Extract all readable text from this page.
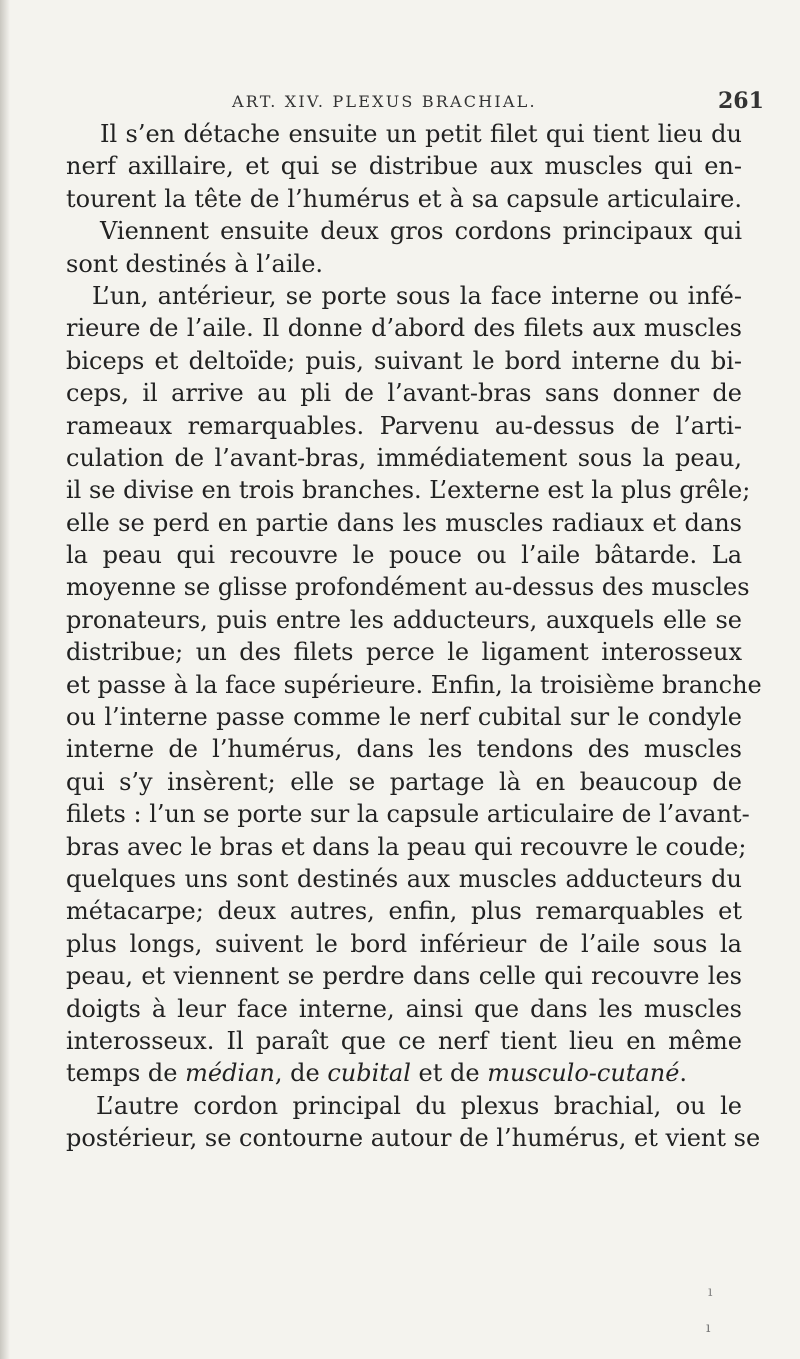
ART. XIV. PLEXUS BRACHIAL.	261
Il s’en détache ensuite un petit filet qui tient lieu du
nerf axillaire, et qui se distribue aux muscles qui en-
tourent la tête de l’humérus et à sa capsule articulaire.
Viennent ensuite deux gros cordons principaux qui
sont destinés à l’aile.
L’un, antérieur, se porte sous la face interne ou infé-
rieure de l’aile. Il donne d’abord des filets aux muscles
biceps et deltoïde; puis, suivant le bord interne du bi-
ceps, il arrive au pli de l’avant-bras sans donner de
rameaux remarquables. Parvenu au-dessus de l’arti-
culation de l’avant-bras, immédiatement sous la peau,
il se divise en trois branches. L’externe est la plus grêle;
elle se perd en partie dans les muscles radiaux et dans
la peau qui recouvre le pouce ou l’aile bâtarde. La
moyenne se glisse profondément au-dessus des muscles
pronateurs, puis entre les adducteurs, auxquels elle se
distribue; un des filets perce le ligament interosseux
et passe à la face supérieure. Enfin, la troisième branche
ou l’interne passe comme le nerf cubital sur le condyle
interne de l’humérus, dans les tendons des muscles
qui s’y insèrent; elle se partage là en beaucoup de
filets : l’un se porte sur la capsule articulaire de l’avant-
bras avec le bras et dans la peau qui recouvre le coude;
quelques uns sont destinés aux muscles adducteurs du
métacarpe; deux autres, enfin, plus remarquables et
plus longs, suivent le bord inférieur de l’aile sous la
peau, et viennent se perdre dans celle qui recouvre les
doigts à leur face interne, ainsi que dans les muscles
interosseux. Il paraît que ce nerf tient lieu en même
temps de médian, de cubital et de musculo-cutané.
L’autre cordon principal du plexus brachial, ou le
postérieur, se contourne autour de l’humérus, et vient se
ı
ı
